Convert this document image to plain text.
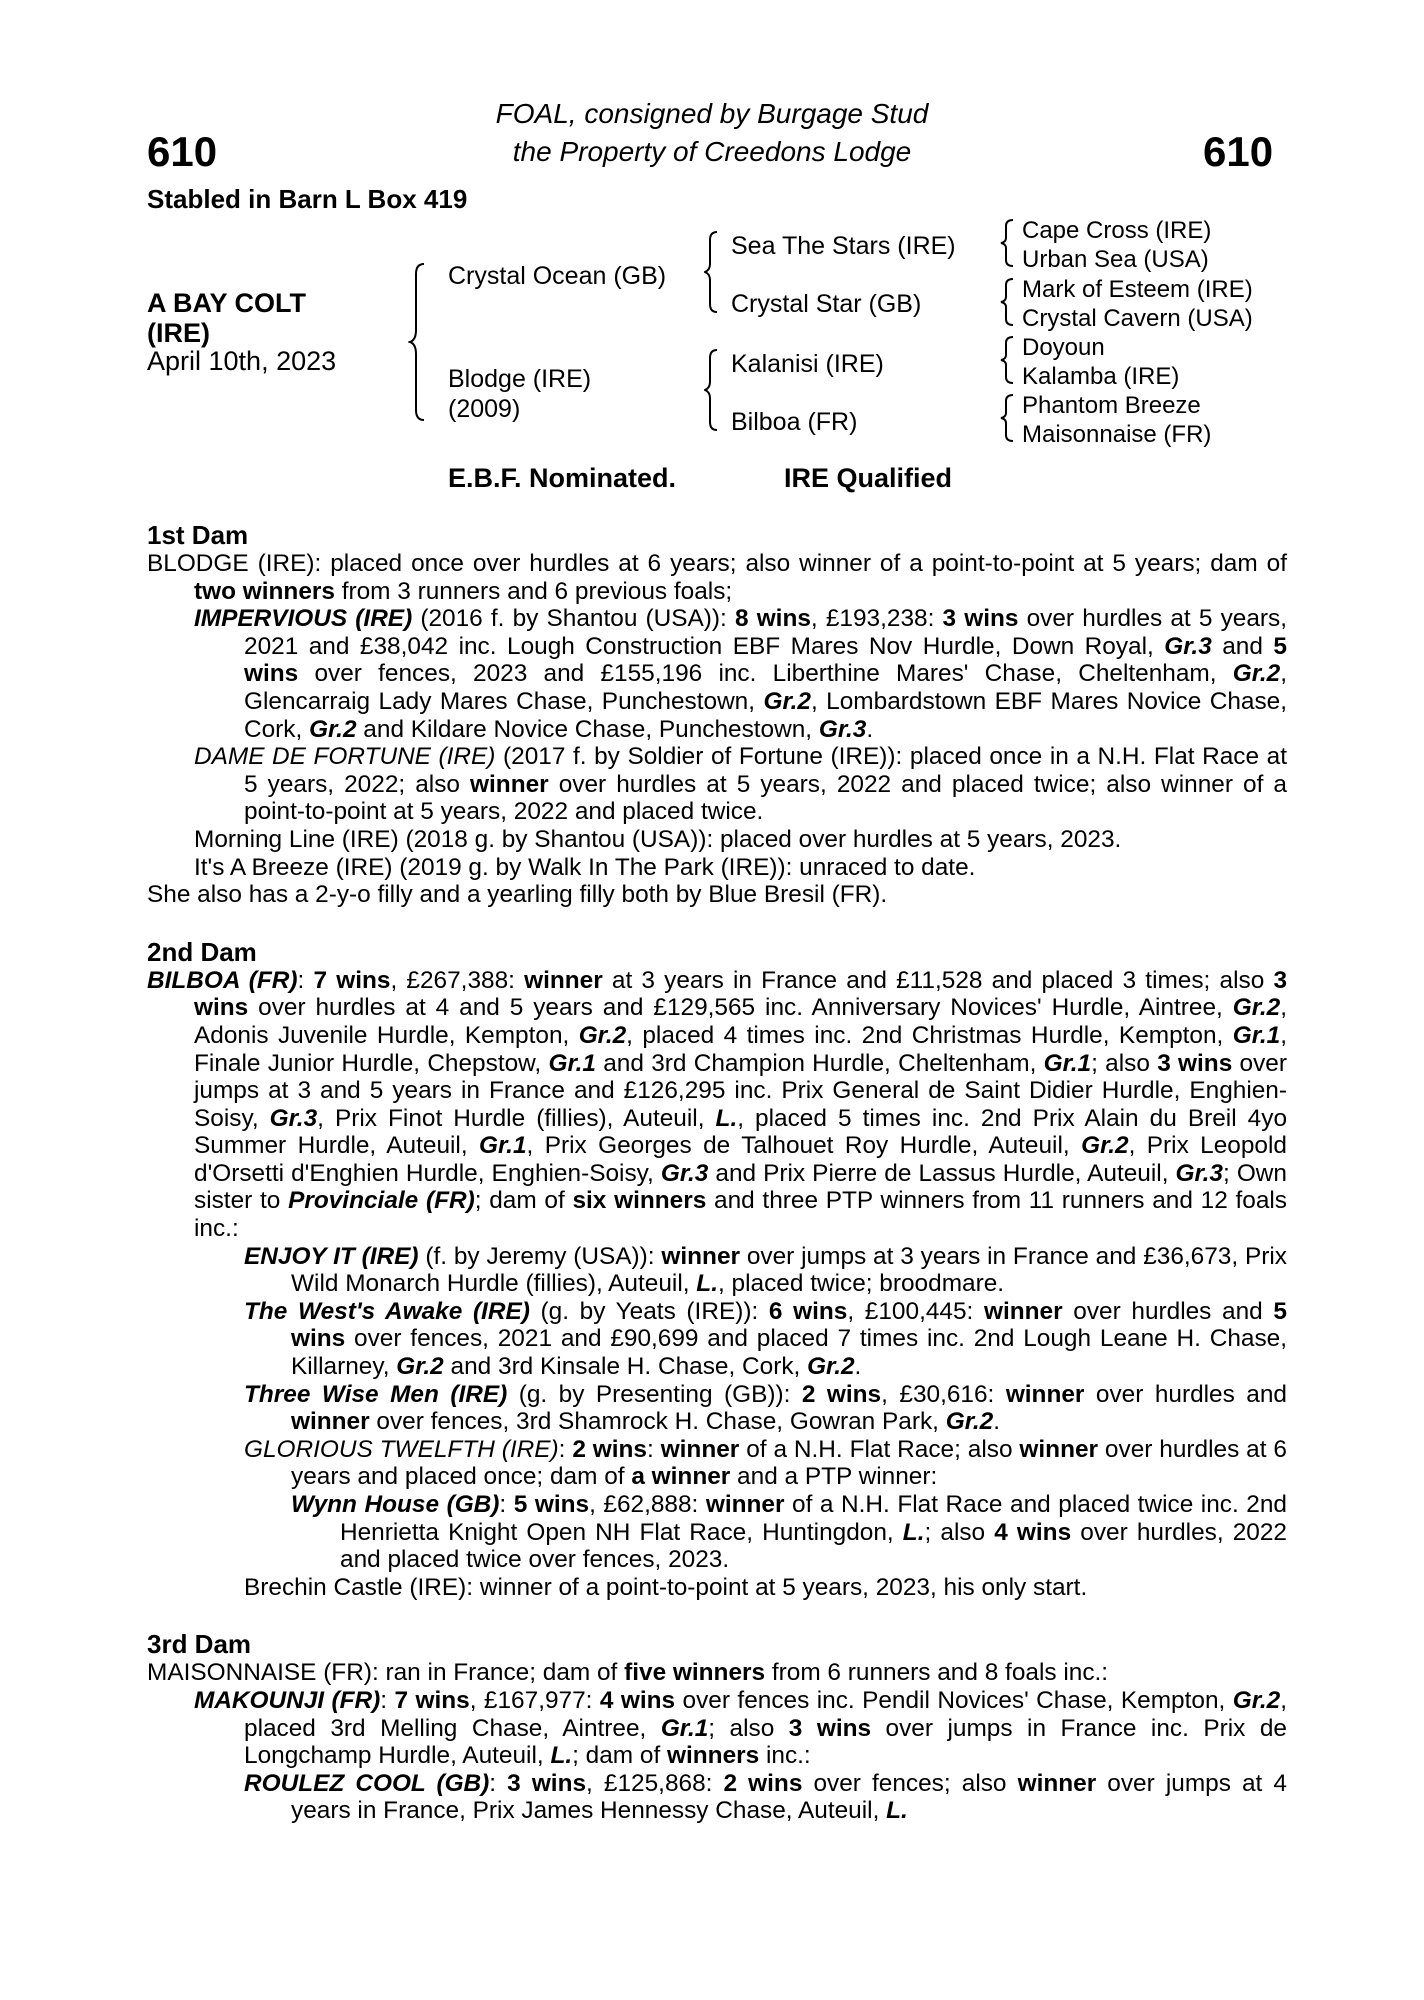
610	610
FOAL, consigned by Burgage Stud
the Property of Creedons Lodge
Stabled in Barn L Box 419
A BAY COLT
(IRE)
April 10th, 2023
Crystal Ocean (GB)
Blodge (IRE)
(2009)
Sea The Stars (IRE)
Crystal Star (GB)
Kalanisi (IRE)
Bilboa (FR)
Cape Cross (IRE)
Urban Sea (USA)
Mark of Esteem (IRE)
Crystal Cavern (USA)
Doyoun
Kalamba (IRE)
Phantom Breeze
Maisonnaise (FR)
E.B.F. Nominated.	IRE Qualified
1st Dam
BLODGE (IRE): placed once over hurdles at 6 years; also winner of a point-to-point at 5 years; dam of two winners from 3 runners and 6 previous foals;
IMPERVIOUS (IRE) (2016 f. by Shantou (USA)): 8 wins, £193,238: 3 wins over hurdles at 5 years, 2021 and £38,042 inc. Lough Construction EBF Mares Nov Hurdle, Down Royal, Gr.3 and 5 wins over fences, 2023 and £155,196 inc. Liberthine Mares' Chase, Cheltenham, Gr.2, Glencarraig Lady Mares Chase, Punchestown, Gr.2, Lombardstown EBF Mares Novice Chase, Cork, Gr.2 and Kildare Novice Chase, Punchestown, Gr.3.
DAME DE FORTUNE (IRE) (2017 f. by Soldier of Fortune (IRE)): placed once in a N.H. Flat Race at 5 years, 2022; also winner over hurdles at 5 years, 2022 and placed twice; also winner of a point-to-point at 5 years, 2022 and placed twice.
Morning Line (IRE) (2018 g. by Shantou (USA)): placed over hurdles at 5 years, 2023.
It's A Breeze (IRE) (2019 g. by Walk In The Park (IRE)): unraced to date.
She also has a 2-y-o filly and a yearling filly both by Blue Bresil (FR).
2nd Dam
BILBOA (FR): 7 wins, £267,388: winner at 3 years in France and £11,528 and placed 3 times; also 3 wins over hurdles at 4 and 5 years and £129,565 inc. Anniversary Novices' Hurdle, Aintree, Gr.2, Adonis Juvenile Hurdle, Kempton, Gr.2, placed 4 times inc. 2nd Christmas Hurdle, Kempton, Gr.1, Finale Junior Hurdle, Chepstow, Gr.1 and 3rd Champion Hurdle, Cheltenham, Gr.1; also 3 wins over jumps at 3 and 5 years in France and £126,295 inc. Prix General de Saint Didier Hurdle, Enghien-Soisy, Gr.3, Prix Finot Hurdle (fillies), Auteuil, L., placed 5 times inc. 2nd Prix Alain du Breil 4yo Summer Hurdle, Auteuil, Gr.1, Prix Georges de Talhouet Roy Hurdle, Auteuil, Gr.2, Prix Leopold d'Orsetti d'Enghien Hurdle, Enghien-Soisy, Gr.3 and Prix Pierre de Lassus Hurdle, Auteuil, Gr.3; Own sister to Provinciale (FR); dam of six winners and three PTP winners from 11 runners and 12 foals inc.:
ENJOY IT (IRE) (f. by Jeremy (USA)): winner over jumps at 3 years in France and £36,673, Prix Wild Monarch Hurdle (fillies), Auteuil, L., placed twice; broodmare.
The West's Awake (IRE) (g. by Yeats (IRE)): 6 wins, £100,445: winner over hurdles and 5 wins over fences, 2021 and £90,699 and placed 7 times inc. 2nd Lough Leane H. Chase, Killarney, Gr.2 and 3rd Kinsale H. Chase, Cork, Gr.2.
Three Wise Men (IRE) (g. by Presenting (GB)): 2 wins, £30,616: winner over hurdles and winner over fences, 3rd Shamrock H. Chase, Gowran Park, Gr.2.
GLORIOUS TWELFTH (IRE): 2 wins: winner of a N.H. Flat Race; also winner over hurdles at 6 years and placed once; dam of a winner and a PTP winner:
Wynn House (GB): 5 wins, £62,888: winner of a N.H. Flat Race and placed twice inc. 2nd Henrietta Knight Open NH Flat Race, Huntingdon, L.; also 4 wins over hurdles, 2022 and placed twice over fences, 2023.
Brechin Castle (IRE): winner of a point-to-point at 5 years, 2023, his only start.
3rd Dam
MAISONNAISE (FR): ran in France; dam of five winners from 6 runners and 8 foals inc.:
MAKOUNJI (FR): 7 wins, £167,977: 4 wins over fences inc. Pendil Novices' Chase, Kempton, Gr.2, placed 3rd Melling Chase, Aintree, Gr.1; also 3 wins over jumps in France inc. Prix de Longchamp Hurdle, Auteuil, L.; dam of winners inc.:
ROULEZ COOL (GB): 3 wins, £125,868: 2 wins over fences; also winner over jumps at 4 years in France, Prix James Hennessy Chase, Auteuil, L.
